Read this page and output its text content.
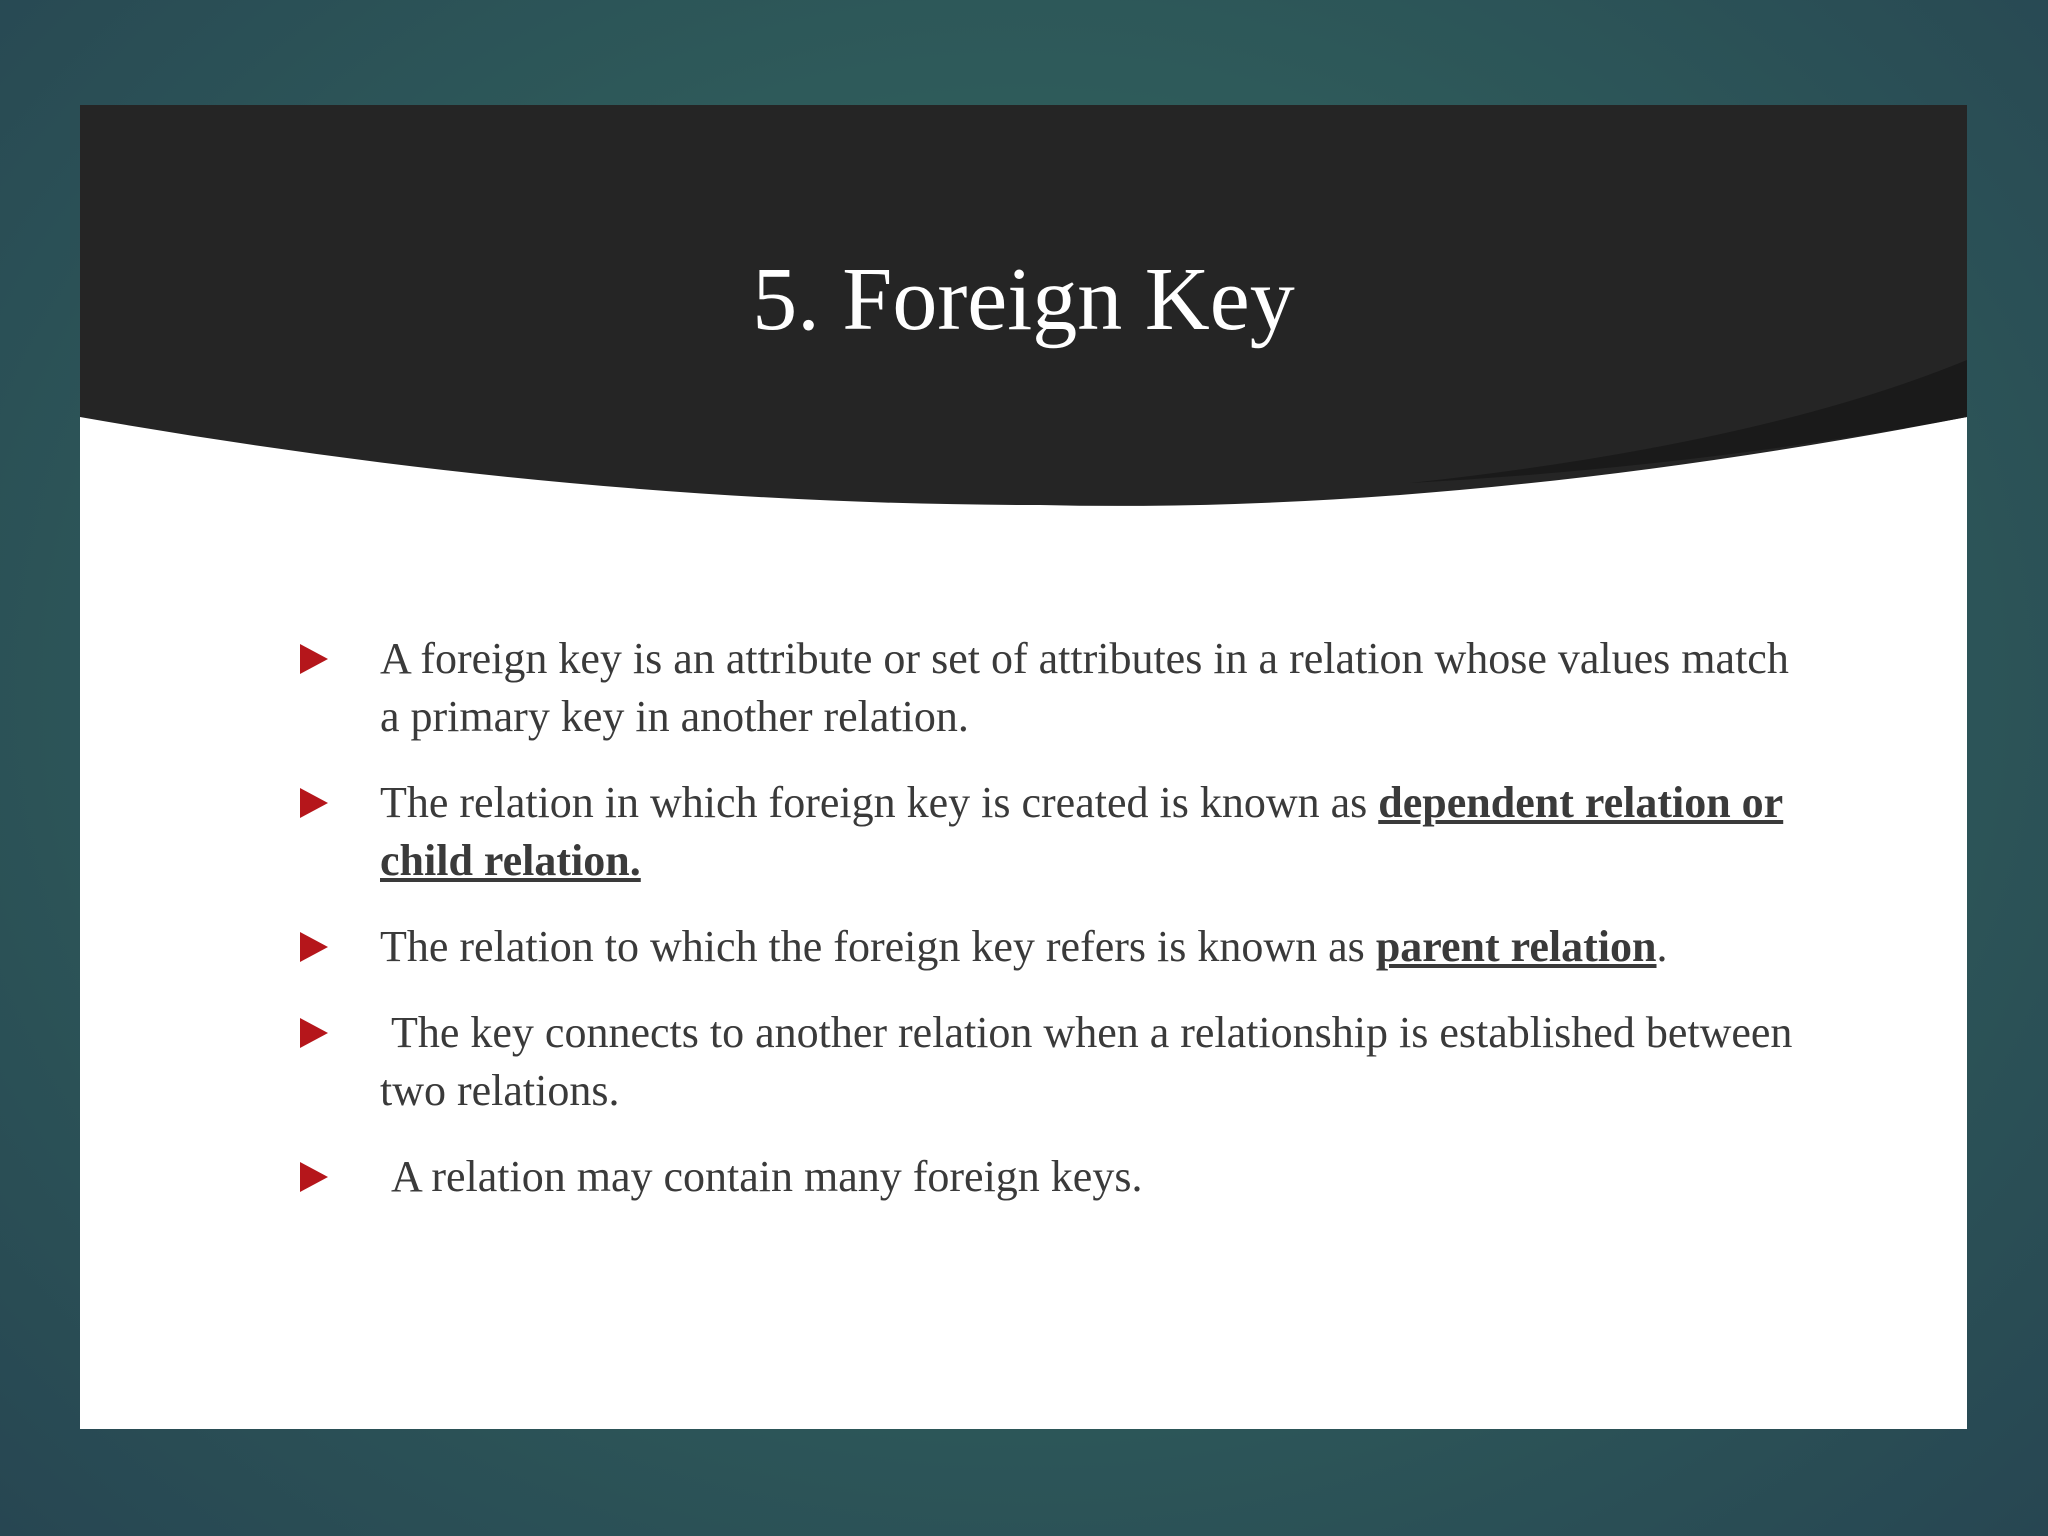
5. Foreign Key
A foreign key is an attribute or set of attributes in a relation whose values match a primary key in another relation.
The relation in which foreign key is created is known as dependent relation or child relation.
The relation to which the foreign key refers is known as parent relation.
The key connects to another relation when a relationship is established between two relations.
A relation may contain many foreign keys.
